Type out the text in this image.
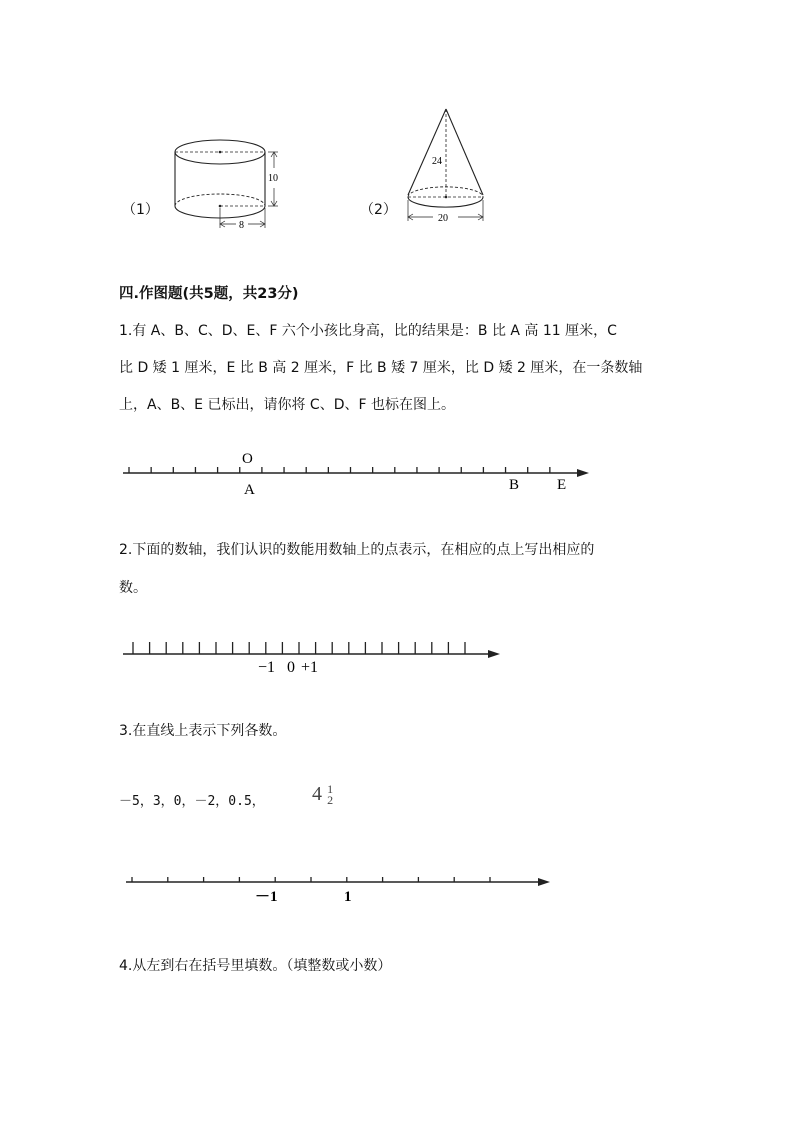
（1）
10
8
（2）
24
20
四.作图题(共5题，共23分)
1.有 A、B、C、D、E、F 六个小孩比身高，比的结果是：B 比 A 高 11 厘米，C
比 D 矮 1 厘米，E 比 B 高 2 厘米，F 比 B 矮 7 厘米，比 D 矮 2 厘米，在一条数轴
上，A、B、E 已标出，请你将 C、D、F 也标在图上。
O
A	B	E
2.下面的数轴，我们认识的数能用数轴上的点表示，在相应的点上写出相应的
数。
−1 0 +1
3.在直线上表示下列各数。
－5，3，0，－2，0.5， 4 1
2
－1	1
4.从左到右在括号里填数。（填整数或小数）
